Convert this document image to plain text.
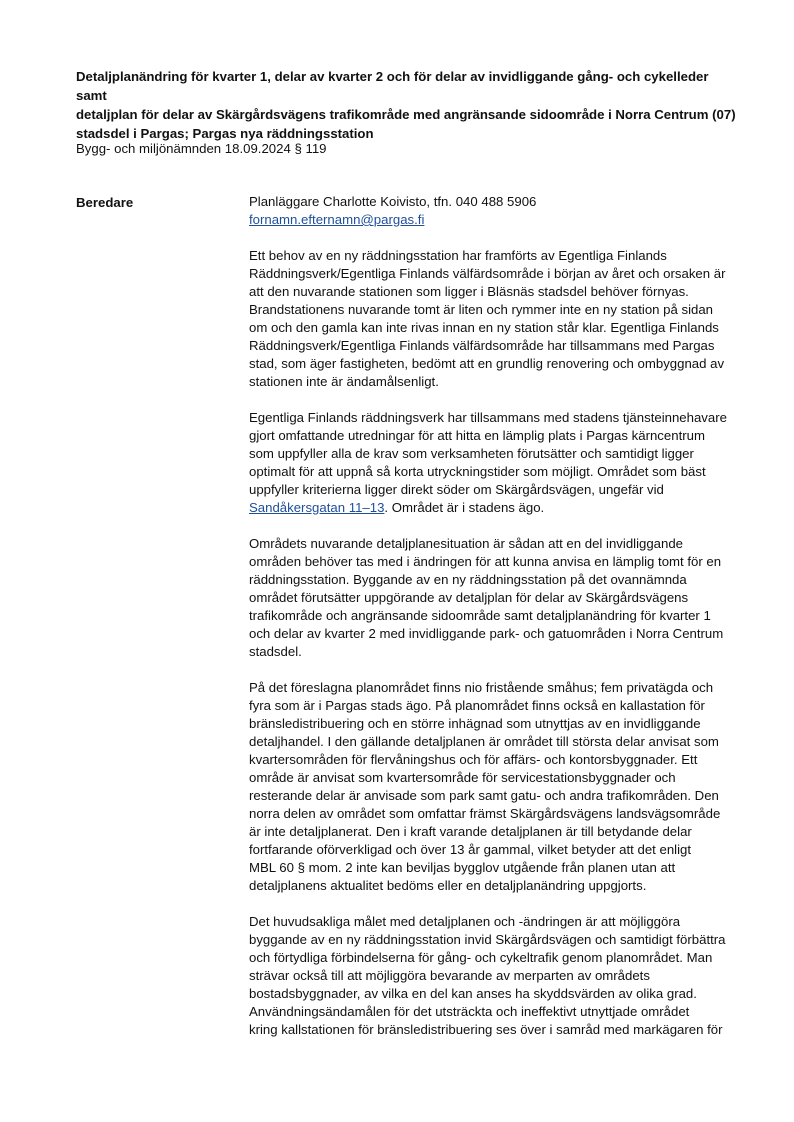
Detaljplanändring för kvarter 1, delar av kvarter 2 och för delar av invidliggande gång- och cykelleder samt
detaljplan för delar av Skärgårdsvägens trafikområde med angränsande sidoområde i Norra Centrum (07)
stadsdel i Pargas; Pargas nya räddningsstation

Bygg- och miljönämnden 18.09.2024 § 119

Beredare	Planläggare Charlotte Koivisto, tfn. 040 488 5906
fornamn.efternamn@pargas.fi

Ett behov av en ny räddningsstation har framförts av Egentliga Finlands
Räddningsverk/Egentliga Finlands välfärdsområde i början av året och orsaken är
att den nuvarande stationen som ligger i Bläsnäs stadsdel behöver förnyas.
Brandstationens nuvarande tomt är liten och rymmer inte en ny station på sidan
om och den gamla kan inte rivas innan en ny station står klar. Egentliga Finlands
Räddningsverk/Egentliga Finlands välfärdsområde har tillsammans med Pargas
stad, som äger fastigheten, bedömt att en grundlig renovering och ombyggnad av
stationen inte är ändamålsenligt.

Egentliga Finlands räddningsverk har tillsammans med stadens tjänsteinnehavare
gjort omfattande utredningar för att hitta en lämplig plats i Pargas kärncentrum
som uppfyller alla de krav som verksamheten förutsätter och samtidigt ligger
optimalt för att uppnå så korta utryckningstider som möjligt. Området som bäst
uppfyller kriterierna ligger direkt söder om Skärgårdsvägen, ungefär vid
Sandåkersgatan 11–13. Området är i stadens ägo.

Områdets nuvarande detaljplanesituation är sådan att en del invidliggande
områden behöver tas med i ändringen för att kunna anvisa en lämplig tomt för en
räddningsstation. Byggande av en ny räddningsstation på det ovannämnda
området förutsätter uppgörande av detaljplan för delar av Skärgårdsvägens
trafikområde och angränsande sidoområde samt detaljplanändring för kvarter 1
och delar av kvarter 2 med invidliggande park- och gatuområden i Norra Centrum
stadsdel.

På det föreslagna planområdet finns nio fristående småhus; fem privatägda och
fyra som är i Pargas stads ägo. På planområdet finns också en kallastation för
bränsledistribuering och en större inhägnad som utnyttjas av en invidliggande
detaljhandel. I den gällande detaljplanen är området till största delar anvisat som
kvartersområden för flervåningshus och för affärs- och kontorsbyggnader. Ett
område är anvisat som kvartersområde för servicestationsbyggnader och
resterande delar är anvisade som park samt gatu- och andra trafikområden. Den
norra delen av området som omfattar främst Skärgårdsvägens landsvägsområde
är inte detaljplanerat. Den i kraft varande detaljplanen är till betydande delar
fortfarande oförverkligad och över 13 år gammal, vilket betyder att det enligt
MBL 60 § mom. 2 inte kan beviljas bygglov utgående från planen utan att
detaljplanens aktualitet bedöms eller en detaljplanändring uppgjorts.

Det huvudsakliga målet med detaljplanen och -ändringen är att möjliggöra
byggande av en ny räddningsstation invid Skärgårdsvägen och samtidigt förbättra
och förtydliga förbindelserna för gång- och cykeltrafik genom planområdet. Man
strävar också till att möjliggöra bevarande av merparten av områdets
bostadsbyggnader, av vilka en del kan anses ha skyddsvärden av olika grad.
Användningsändamålen för det utsträckta och ineffektivt utnyttjade området
kring kallstationen för bränsledistribuering ses över i samråd med markägaren för
